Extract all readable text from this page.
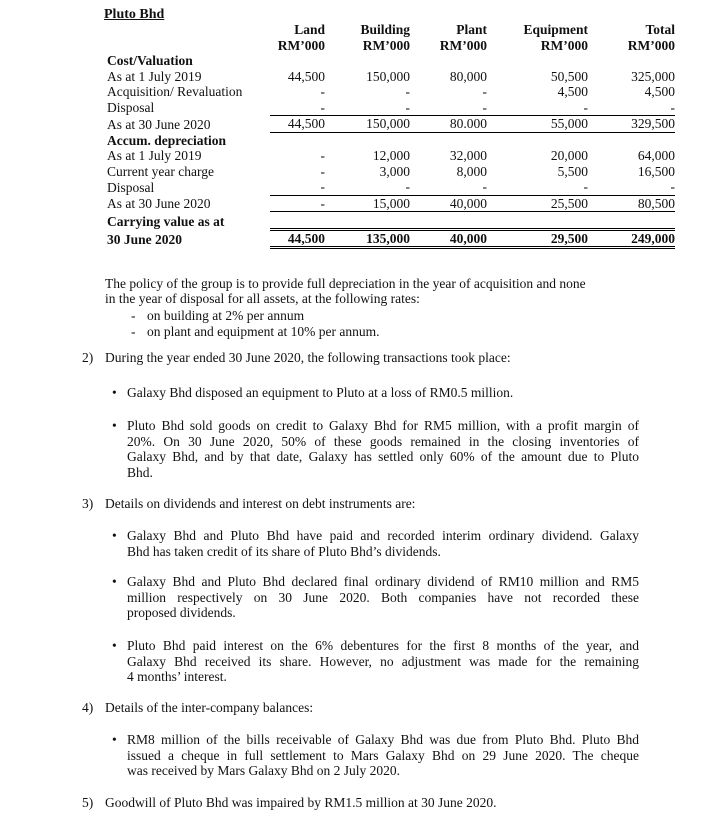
Pluto Bhd
	Land	Building	Plant	Equipment	Total
	RM’000	RM’000	RM’000	RM’000	RM’000
Cost/Valuation					
As at 1 July 2019	44,500	150,000	80,000	50,500	325,000
Acquisition/ Revaluation	-	-	-	4,500	4,500
Disposal	-	-	-	-	-
As at 30 June 2020	44,500	150,000	80.000	55,000	329,500
Accum. depreciation					
As at 1 July 2019	-	12,000	32,000	20,000	64,000
Current year charge	-	3,000	8,000	5,500	16,500
Disposal	-	-	-	-	-
As at 30 June 2020	-	15,000	40,000	25,500	80,500
Carrying value as at					
30 June 2020	44,500	135,000	40,000	29,500	249,000
The policy of the group is to provide full depreciation in the year of acquisition and none
in the year of disposal for all assets, at the following rates:
- on building at 2% per annum
- on plant and equipment at 10% per annum.
2) During the year ended 30 June 2020, the following transactions took place:
• Galaxy Bhd disposed an equipment to Pluto at a loss of RM0.5 million.
• Pluto Bhd sold goods on credit to Galaxy Bhd for RM5 million, with a profit margin of
20%. On 30 June 2020, 50% of these goods remained in the closing inventories of
Galaxy Bhd, and by that date, Galaxy has settled only 60% of the amount due to Pluto
Bhd.
3) Details on dividends and interest on debt instruments are:
• Galaxy Bhd and Pluto Bhd have paid and recorded interim ordinary dividend. Galaxy
Bhd has taken credit of its share of Pluto Bhd’s dividends.
• Galaxy Bhd and Pluto Bhd declared final ordinary dividend of RM10 million and RM5
million respectively on 30 June 2020. Both companies have not recorded these
proposed dividends.
• Pluto Bhd paid interest on the 6% debentures for the first 8 months of the year, and
Galaxy Bhd received its share. However, no adjustment was made for the remaining
4 months’ interest.
4) Details of the inter-company balances:
• RM8 million of the bills receivable of Galaxy Bhd was due from Pluto Bhd. Pluto Bhd
issued a cheque in full settlement to Mars Galaxy Bhd on 29 June 2020. The cheque
was received by Mars Galaxy Bhd on 2 July 2020.
5) Goodwill of Pluto Bhd was impaired by RM1.5 million at 30 June 2020.
